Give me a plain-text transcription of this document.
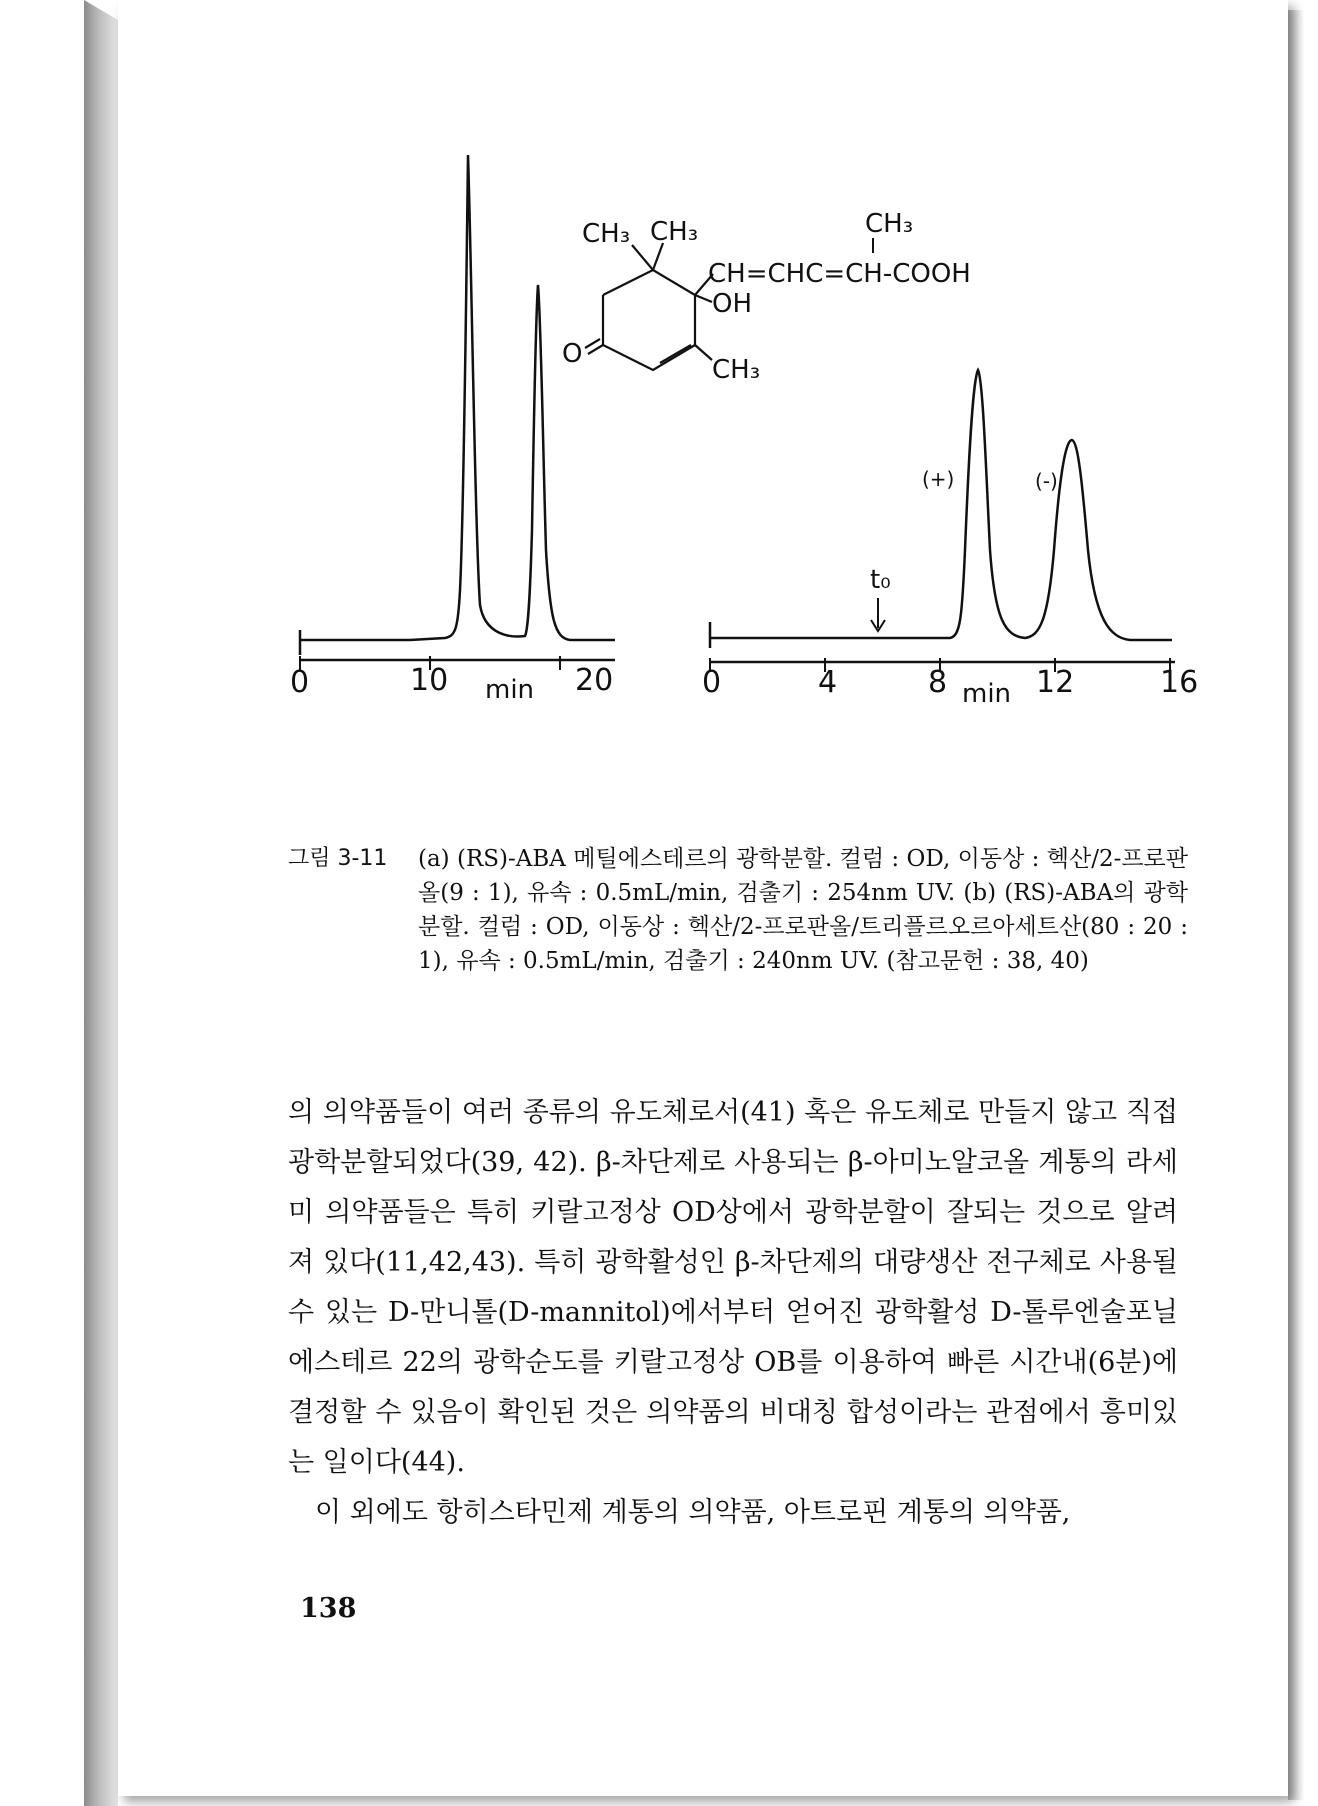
0	10	20
min	0	4	8	12	16
min
t₀
(+)	(-)
CH₃ CH₃	CH₃
CH=CHC=CH-COOH
OH
CH₃
O
그림 3-11	(a) (RS)-ABA 메틸에스테르의 광학분할. 컬럼 : OD, 이동상 : 헥산/2-프로판올(9 : 1), 유속 : 0.5mL/min, 검출기 : 254nm UV. (b) (RS)-ABA의 광학분할. 컬럼 : OD, 이동상 : 헥산/2-프로판올/트리플르오르아세트산(80 : 20 : 1), 유속 : 0.5mL/min, 검출기 : 240nm UV. (참고문헌 : 38, 40)

의 의약품들이 여러 종류의 유도체로서(41) 혹은 유도체로 만들지 않고 직접 광학분할되었다(39, 42). β-차단제로 사용되는 β-아미노알코올 계통의 라세미 의약품들은 특히 키랄고정상 OD상에서 광학분할이 잘되는 것으로 알려져 있다(11,42,43). 특히 광학활성인 β-차단제의 대량생산 전구체로 사용될 수 있는 D-만니톨(D-mannitol)에서부터 얻어진 광학활성 D-톨루엔술포닐에스테르 22의 광학순도를 키랄고정상 OB를 이용하여 빠른 시간내(6분)에 결정할 수 있음이 확인된 것은 의약품의 비대칭 합성이라는 관점에서 흥미있는 일이다(44).

이 외에도 항히스타민제 계통의 의약품, 아트로핀 계통의 의약품,

138
